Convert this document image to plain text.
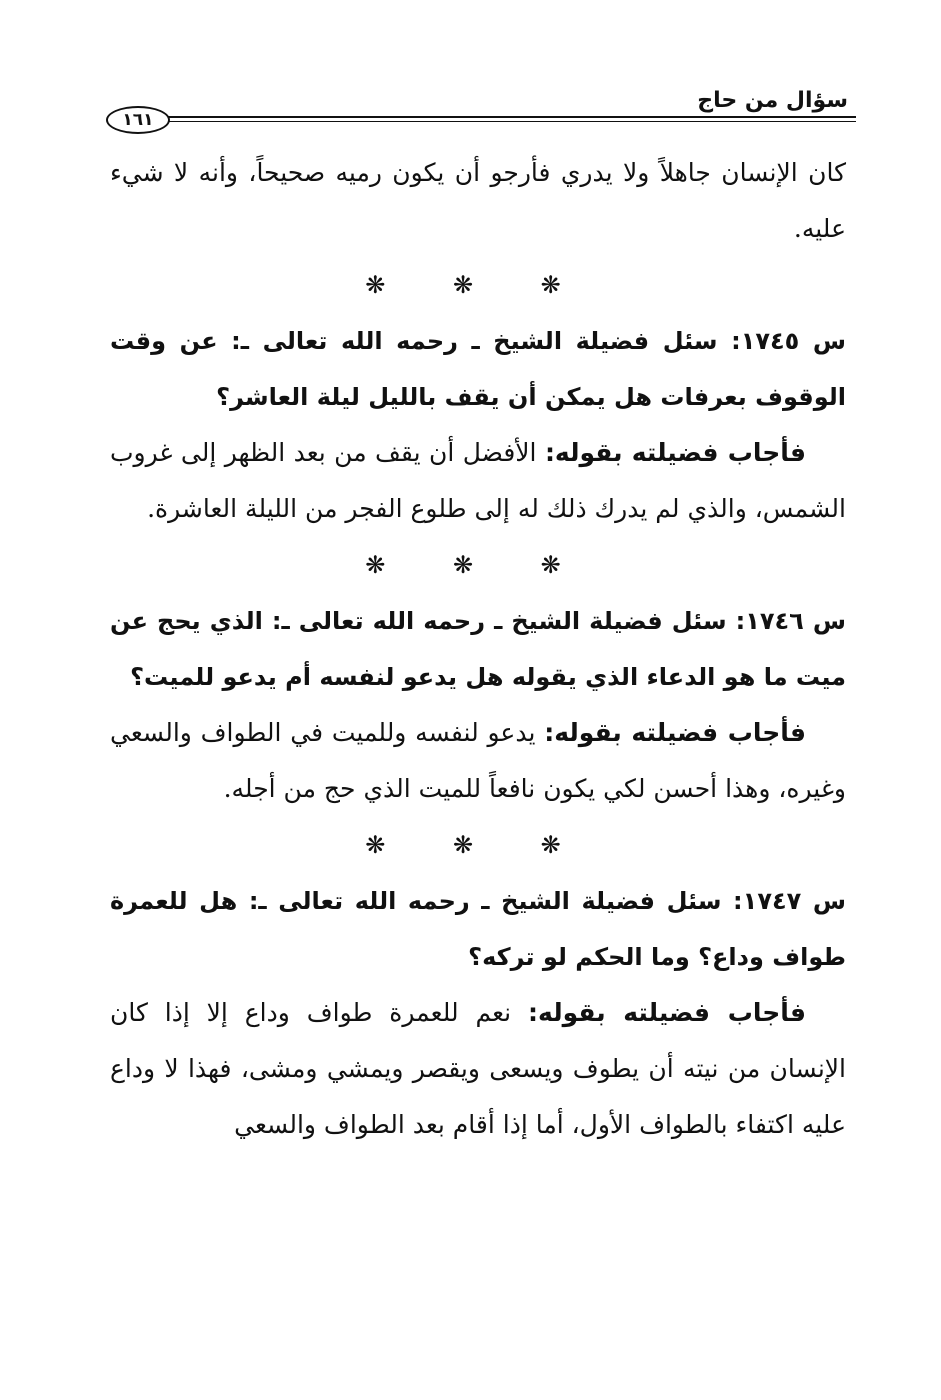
سؤال من حاج
١٦١

كان الإنسان جاهلاً ولا يدري فأرجو أن يكون رميه صحيحاً، وأنه لا شيء عليه.

❋ ❋ ❋

س ١٧٤٥: سئل فضيلة الشيخ ـ رحمه الله تعالى ـ: عن وقت الوقوف بعرفات هل يمكن أن يقف بالليل ليلة العاشر؟

فأجاب فضيلته بقوله: الأفضل أن يقف من بعد الظهر إلى غروب الشمس، والذي لم يدرك ذلك له إلى طلوع الفجر من الليلة العاشرة.

❋ ❋ ❋

س ١٧٤٦: سئل فضيلة الشيخ ـ رحمه الله تعالى ـ: الذي يحج عن ميت ما هو الدعاء الذي يقوله هل يدعو لنفسه أم يدعو للميت؟

فأجاب فضيلته بقوله: يدعو لنفسه وللميت في الطواف والسعي وغيره، وهذا أحسن لكي يكون نافعاً للميت الذي حج من أجله.

❋ ❋ ❋

س ١٧٤٧: سئل فضيلة الشيخ ـ رحمه الله تعالى ـ: هل للعمرة طواف وداع؟ وما الحكم لو تركه؟

فأجاب فضيلته بقوله: نعم للعمرة طواف وداع إلا إذا كان الإنسان من نيته أن يطوف ويسعى ويقصر ويمشي ومشى، فهذا لا وداع عليه اكتفاء بالطواف الأول، أما إذا أقام بعد الطواف والسعي
